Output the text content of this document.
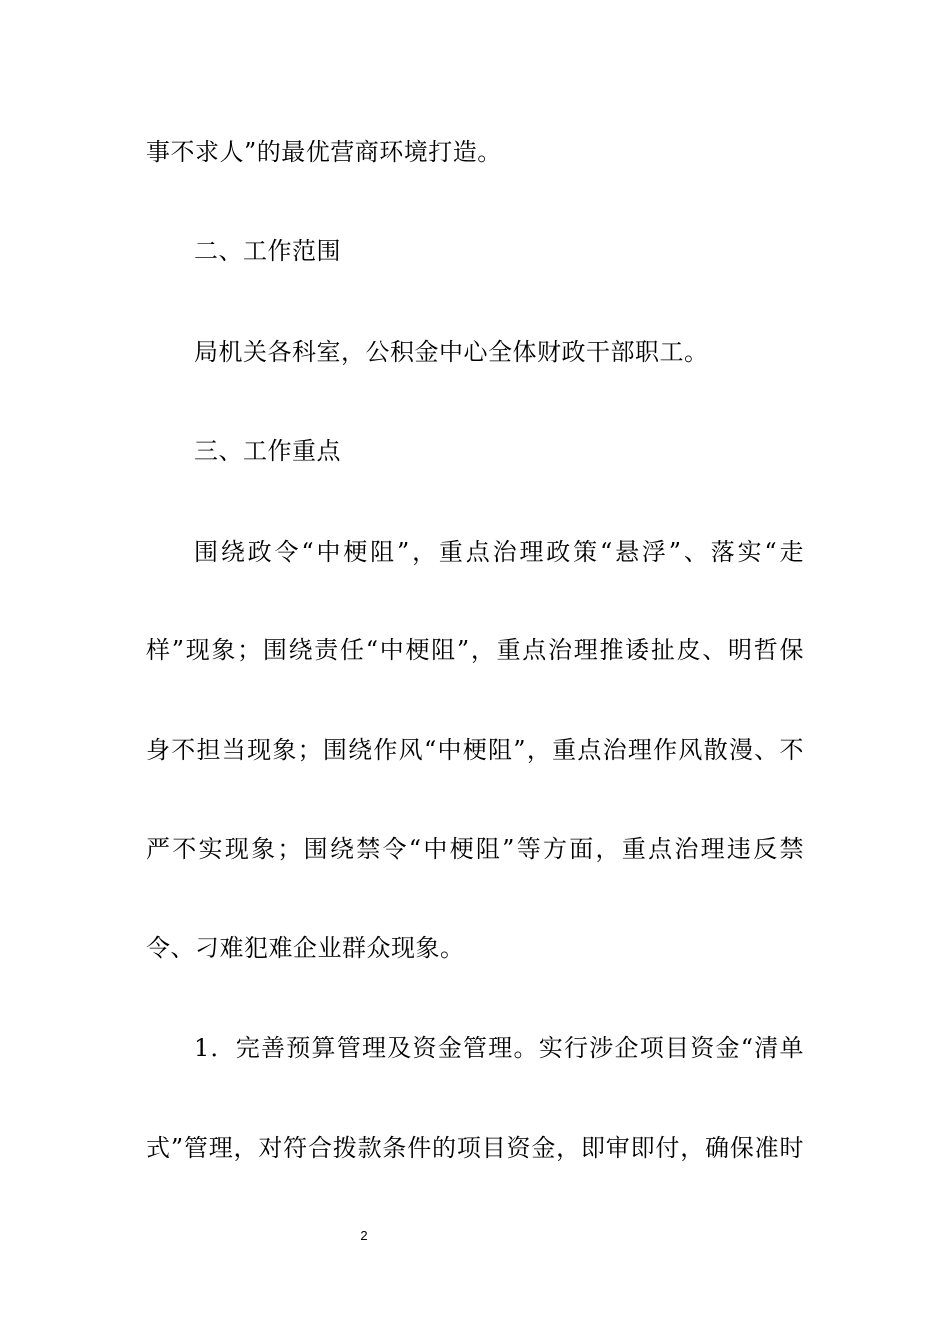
事不求人”的最优营商环境打造。

二、工作范围

局机关各科室，公积金中心全体财政干部职工。

三、工作重点

围绕政令“中梗阻”，重点治理政策“悬浮”、落实“走

样”现象；围绕责任“中梗阻”，重点治理推诿扯皮、明哲保

身不担当现象；围绕作风“中梗阻”，重点治理作风散漫、不

严不实现象；围绕禁令“中梗阻”等方面，重点治理违反禁

令、刁难犯难企业群众现象。

1．完善预算管理及资金管理。实行涉企项目资金“清单

式”管理，对符合拨款条件的项目资金，即审即付，确保准时

2
